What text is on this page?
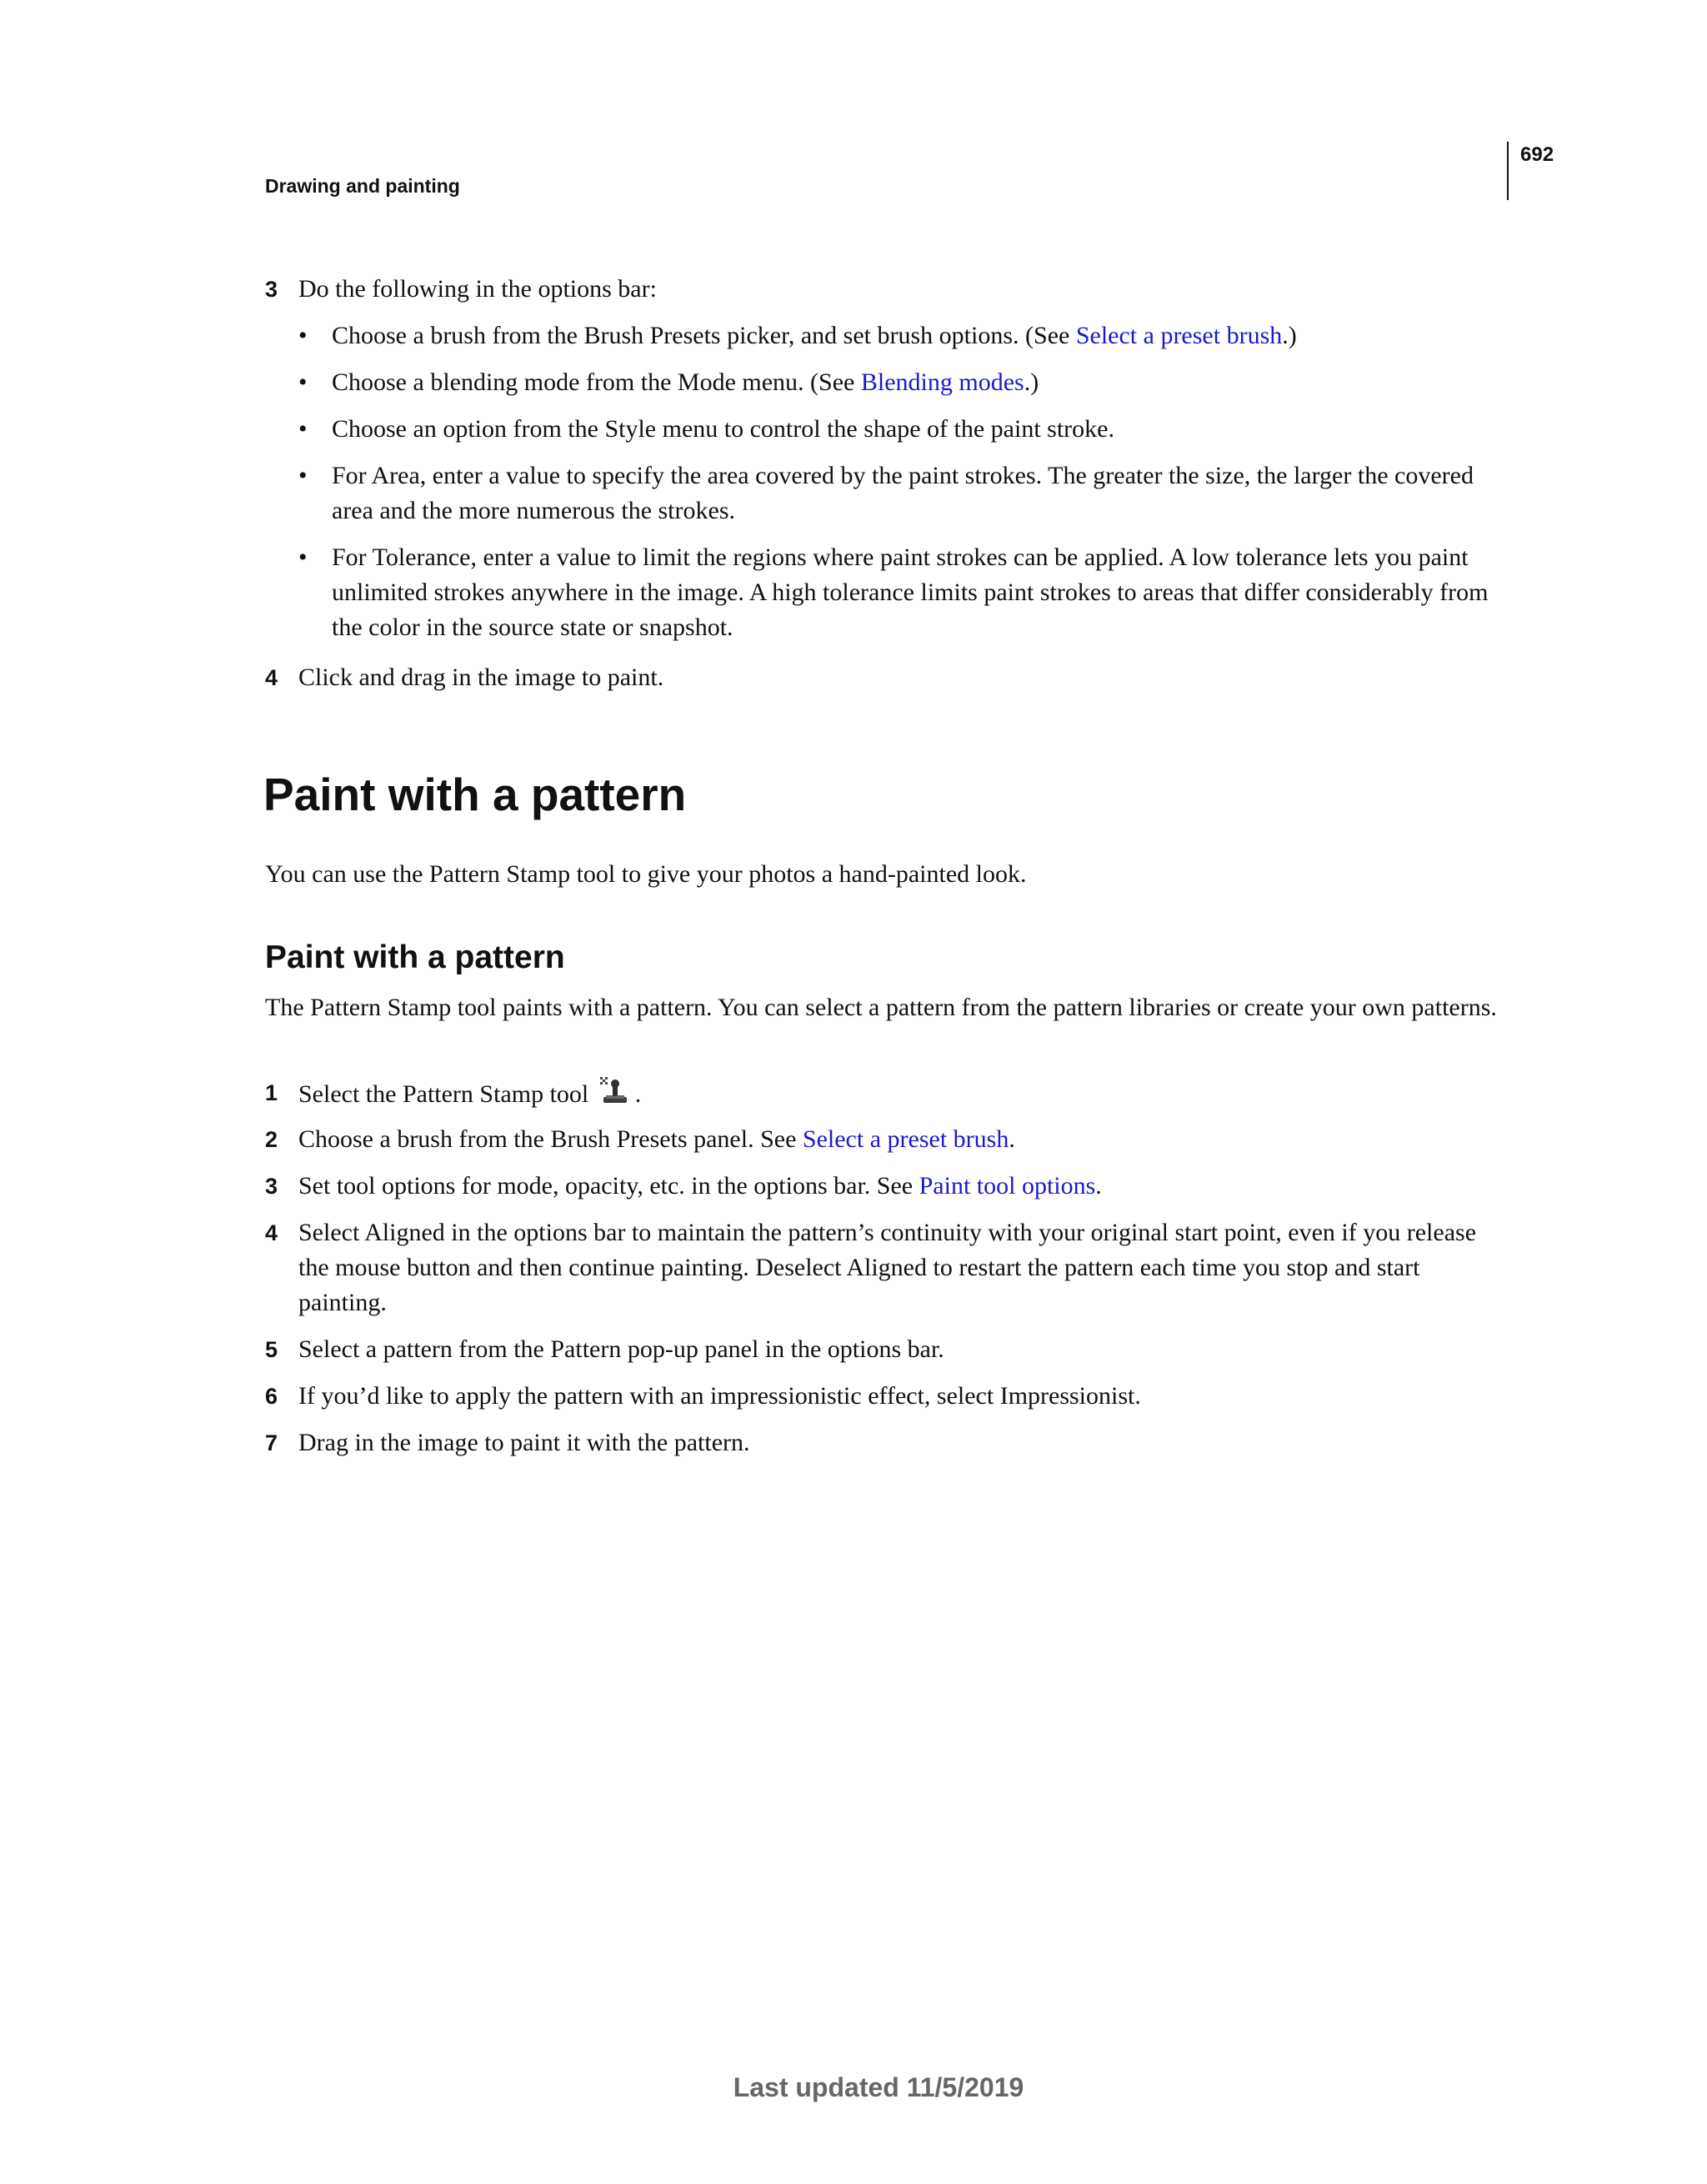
692
Drawing and painting
3 Do the following in the options bar:
• Choose a brush from the Brush Presets picker, and set brush options. (See Select a preset brush.)
• Choose a blending mode from the Mode menu. (See Blending modes.)
• Choose an option from the Style menu to control the shape of the paint stroke.
• For Area, enter a value to specify the area covered by the paint strokes. The greater the size, the larger the covered area and the more numerous the strokes.
• For Tolerance, enter a value to limit the regions where paint strokes can be applied. A low tolerance lets you paint unlimited strokes anywhere in the image. A high tolerance limits paint strokes to areas that differ considerably from the color in the source state or snapshot.
4 Click and drag in the image to paint.
Paint with a pattern
You can use the Pattern Stamp tool to give your photos a hand-painted look.
Paint with a pattern
The Pattern Stamp tool paints with a pattern. You can select a pattern from the pattern libraries or create your own patterns.
1 Select the Pattern Stamp tool .
2 Choose a brush from the Brush Presets panel. See Select a preset brush.
3 Set tool options for mode, opacity, etc. in the options bar. See Paint tool options.
4 Select Aligned in the options bar to maintain the pattern’s continuity with your original start point, even if you release the mouse button and then continue painting. Deselect Aligned to restart the pattern each time you stop and start painting.
5 Select a pattern from the Pattern pop-up panel in the options bar.
6 If you’d like to apply the pattern with an impressionistic effect, select Impressionist.
7 Drag in the image to paint it with the pattern.
Last updated 11/5/2019
